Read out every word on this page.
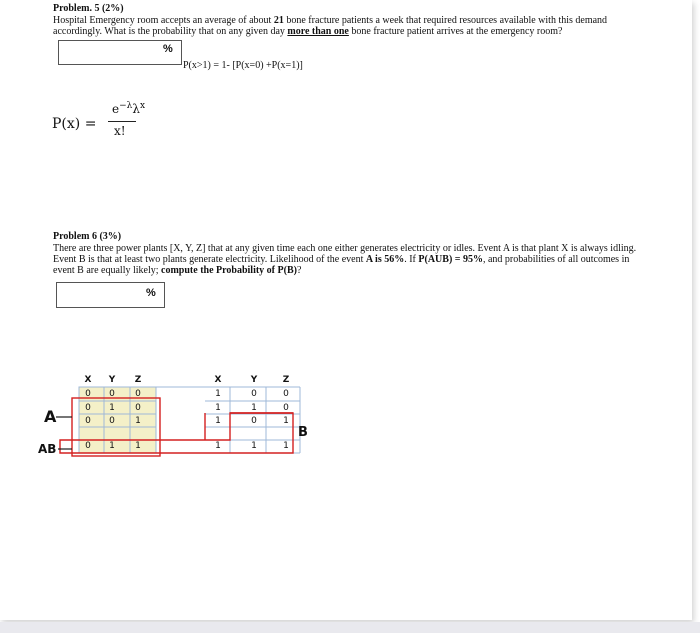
Problem. 5 (2%)
Hospital Emergency room accepts an average of about 21 bone fracture patients a week that required resources available with this demand
accordingly. What is the probability that on any given day more than one bone fracture patient arrives at the emergency room?
%
P(x>1) = 1- [P(x=0) +P(x=1)]
P(x) =
$e^{-\lambda}\lambda^x$
x!
Problem 6 (3%)
There are three power plants [X, Y, Z] that at any given time each one either generates electricity or idles. Event A is that plant X is always idling.
Event B is that at least two plants generate electricity. Likelihood of the event A is 56%. If P(AUB) = 95%, and probabilities of all outcomes in
event B are equally likely; compute the Probability of P(B)?
%
X	Y	Z
0	0	0
0	1	0
0	0	1
0	1	1
X	Y	Z
1	0	0
1	1	0
1	0	1
1	1	1
A
AB
B
